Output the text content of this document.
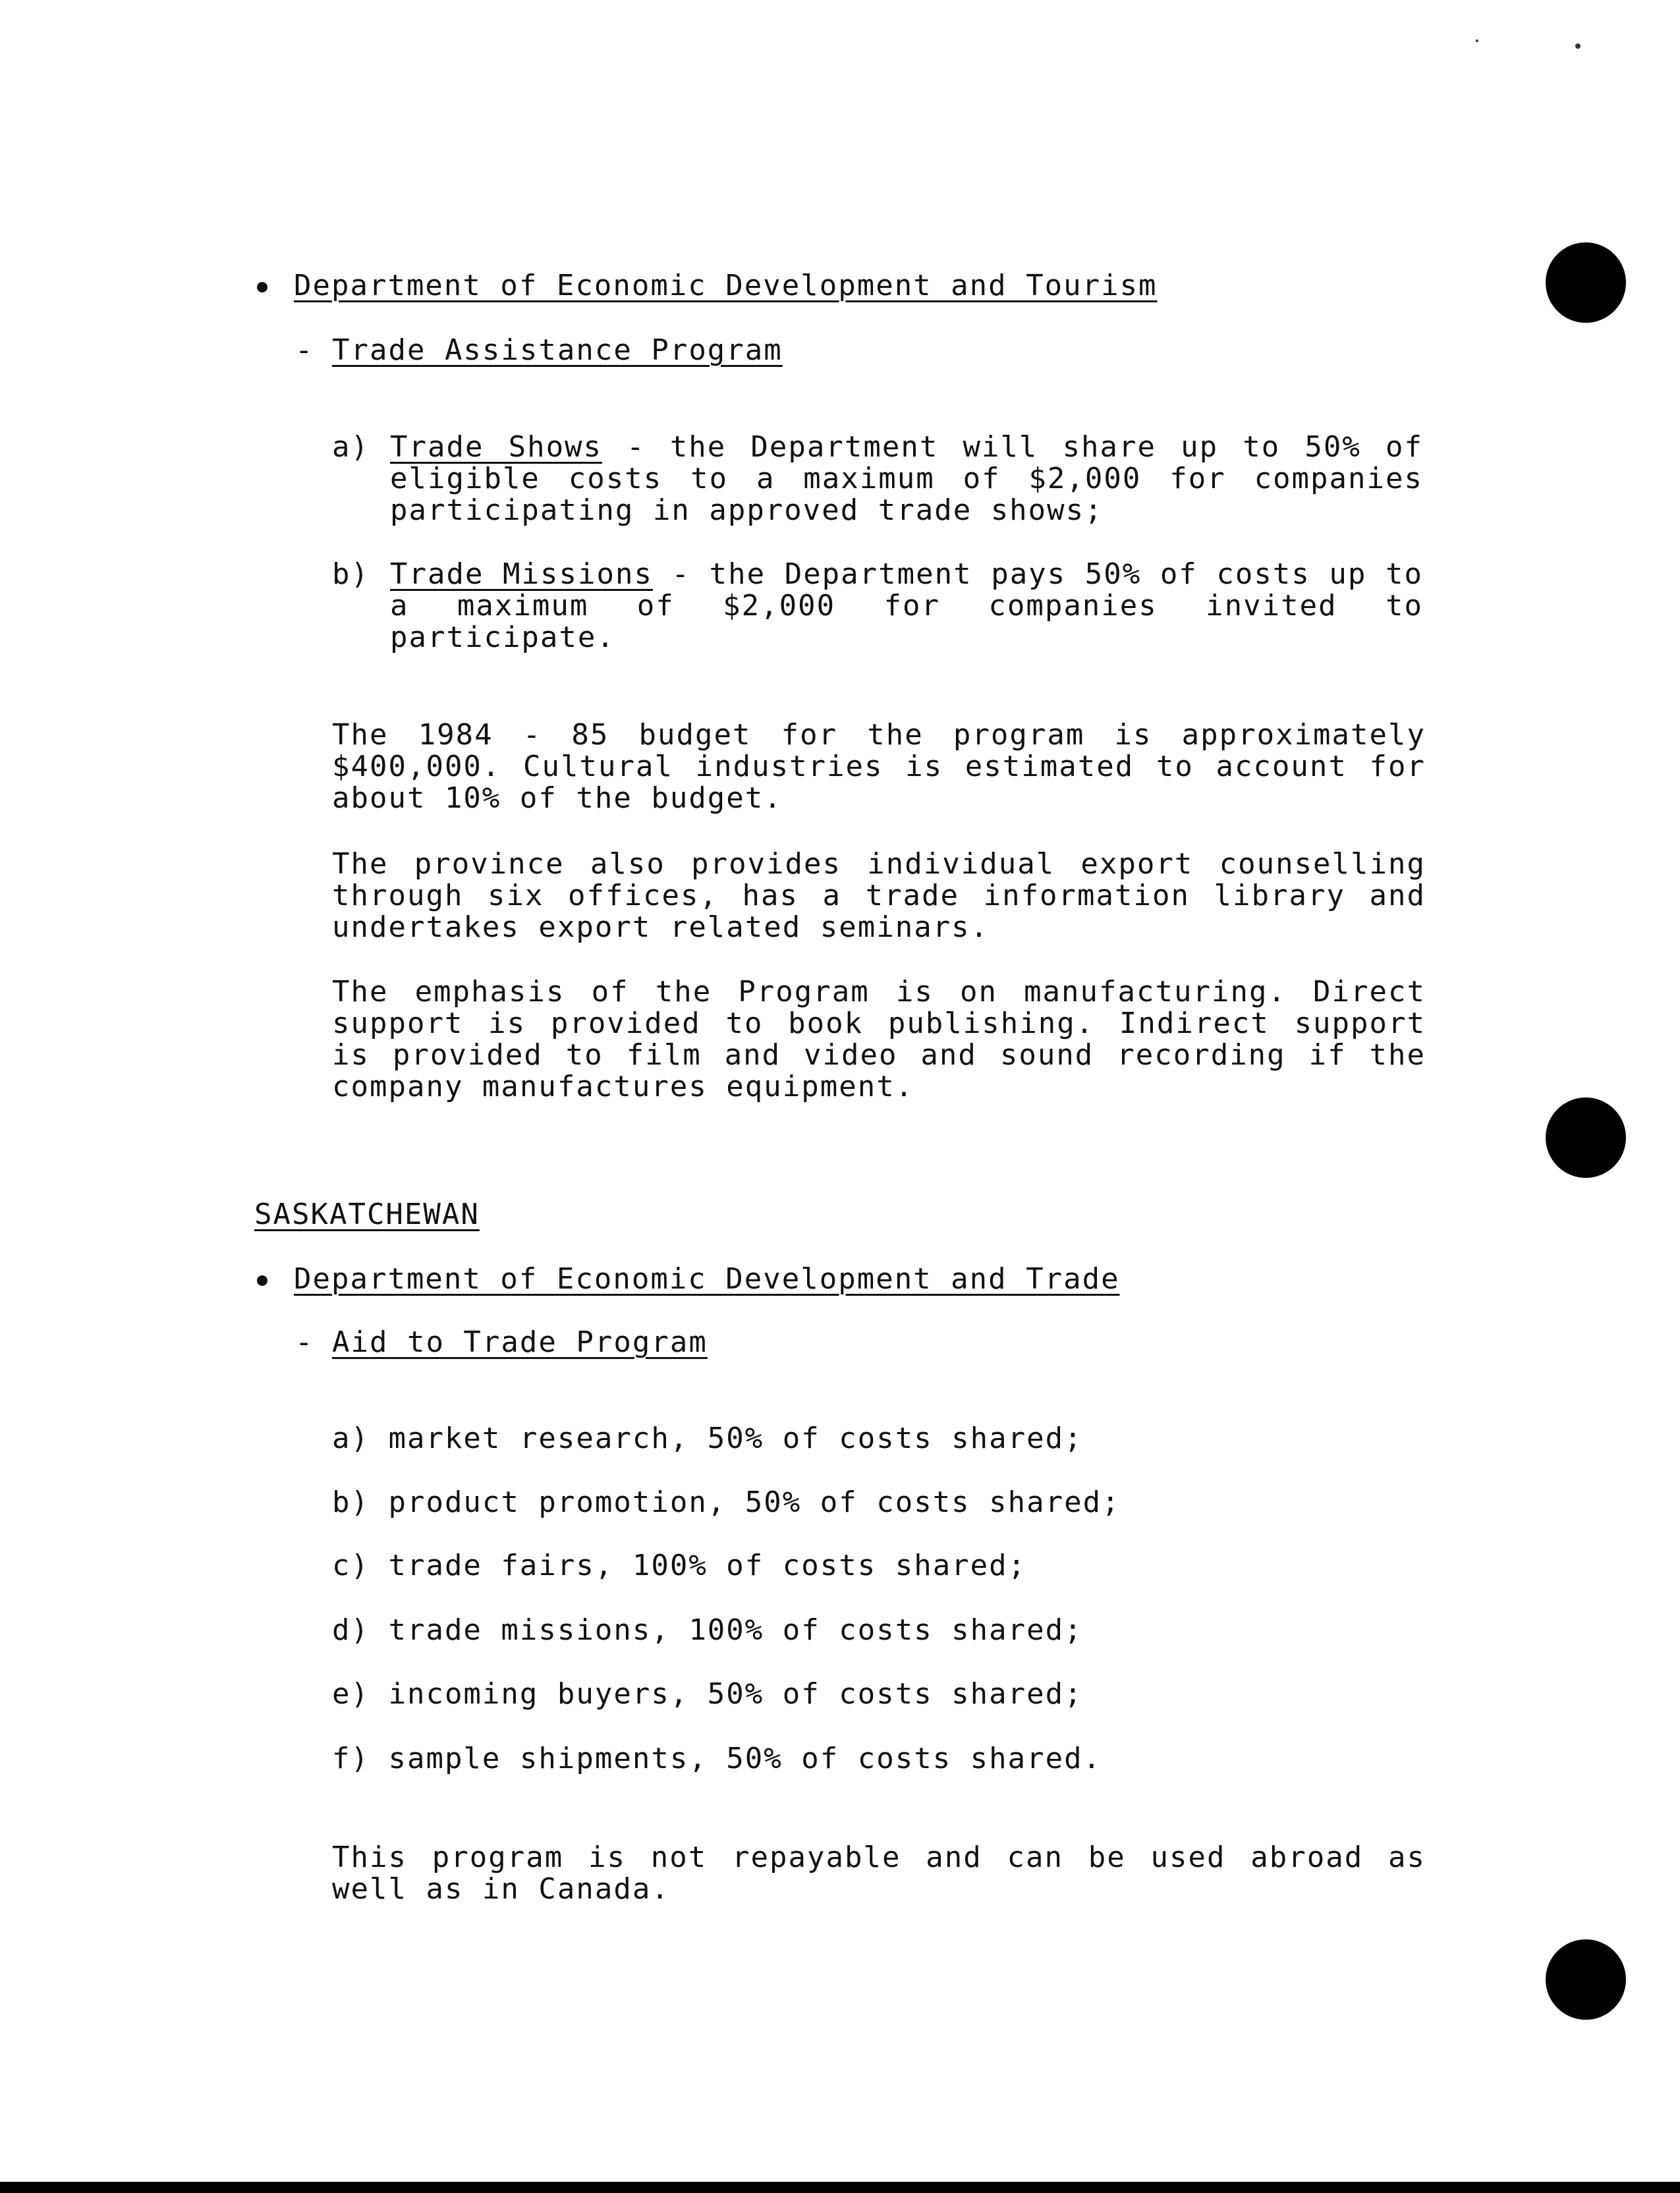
Department of Economic Development and Tourism
- Trade Assistance Program
a) Trade Shows - the Department will share up to 50% of eligible costs to a maximum of $2,000 for companies participating in approved trade shows;
b) Trade Missions - the Department pays 50% of costs up to a maximum of $2,000 for companies invited to participate.
The 1984 - 85 budget for the program is approximately $400,000. Cultural industries is estimated to account for about 10% of the budget.
The province also provides individual export counselling through six offices, has a trade information library and undertakes export related seminars.
The emphasis of the Program is on manufacturing. Direct support is provided to book publishing. Indirect support is provided to film and video and sound recording if the company manufactures equipment.
SASKATCHEWAN
Department of Economic Development and Trade
- Aid to Trade Program
a) market research, 50% of costs shared;
b) product promotion, 50% of costs shared;
c) trade fairs, 100% of costs shared;
d) trade missions, 100% of costs shared;
e) incoming buyers, 50% of costs shared;
f) sample shipments, 50% of costs shared.
This program is not repayable and can be used abroad as well as in Canada.
